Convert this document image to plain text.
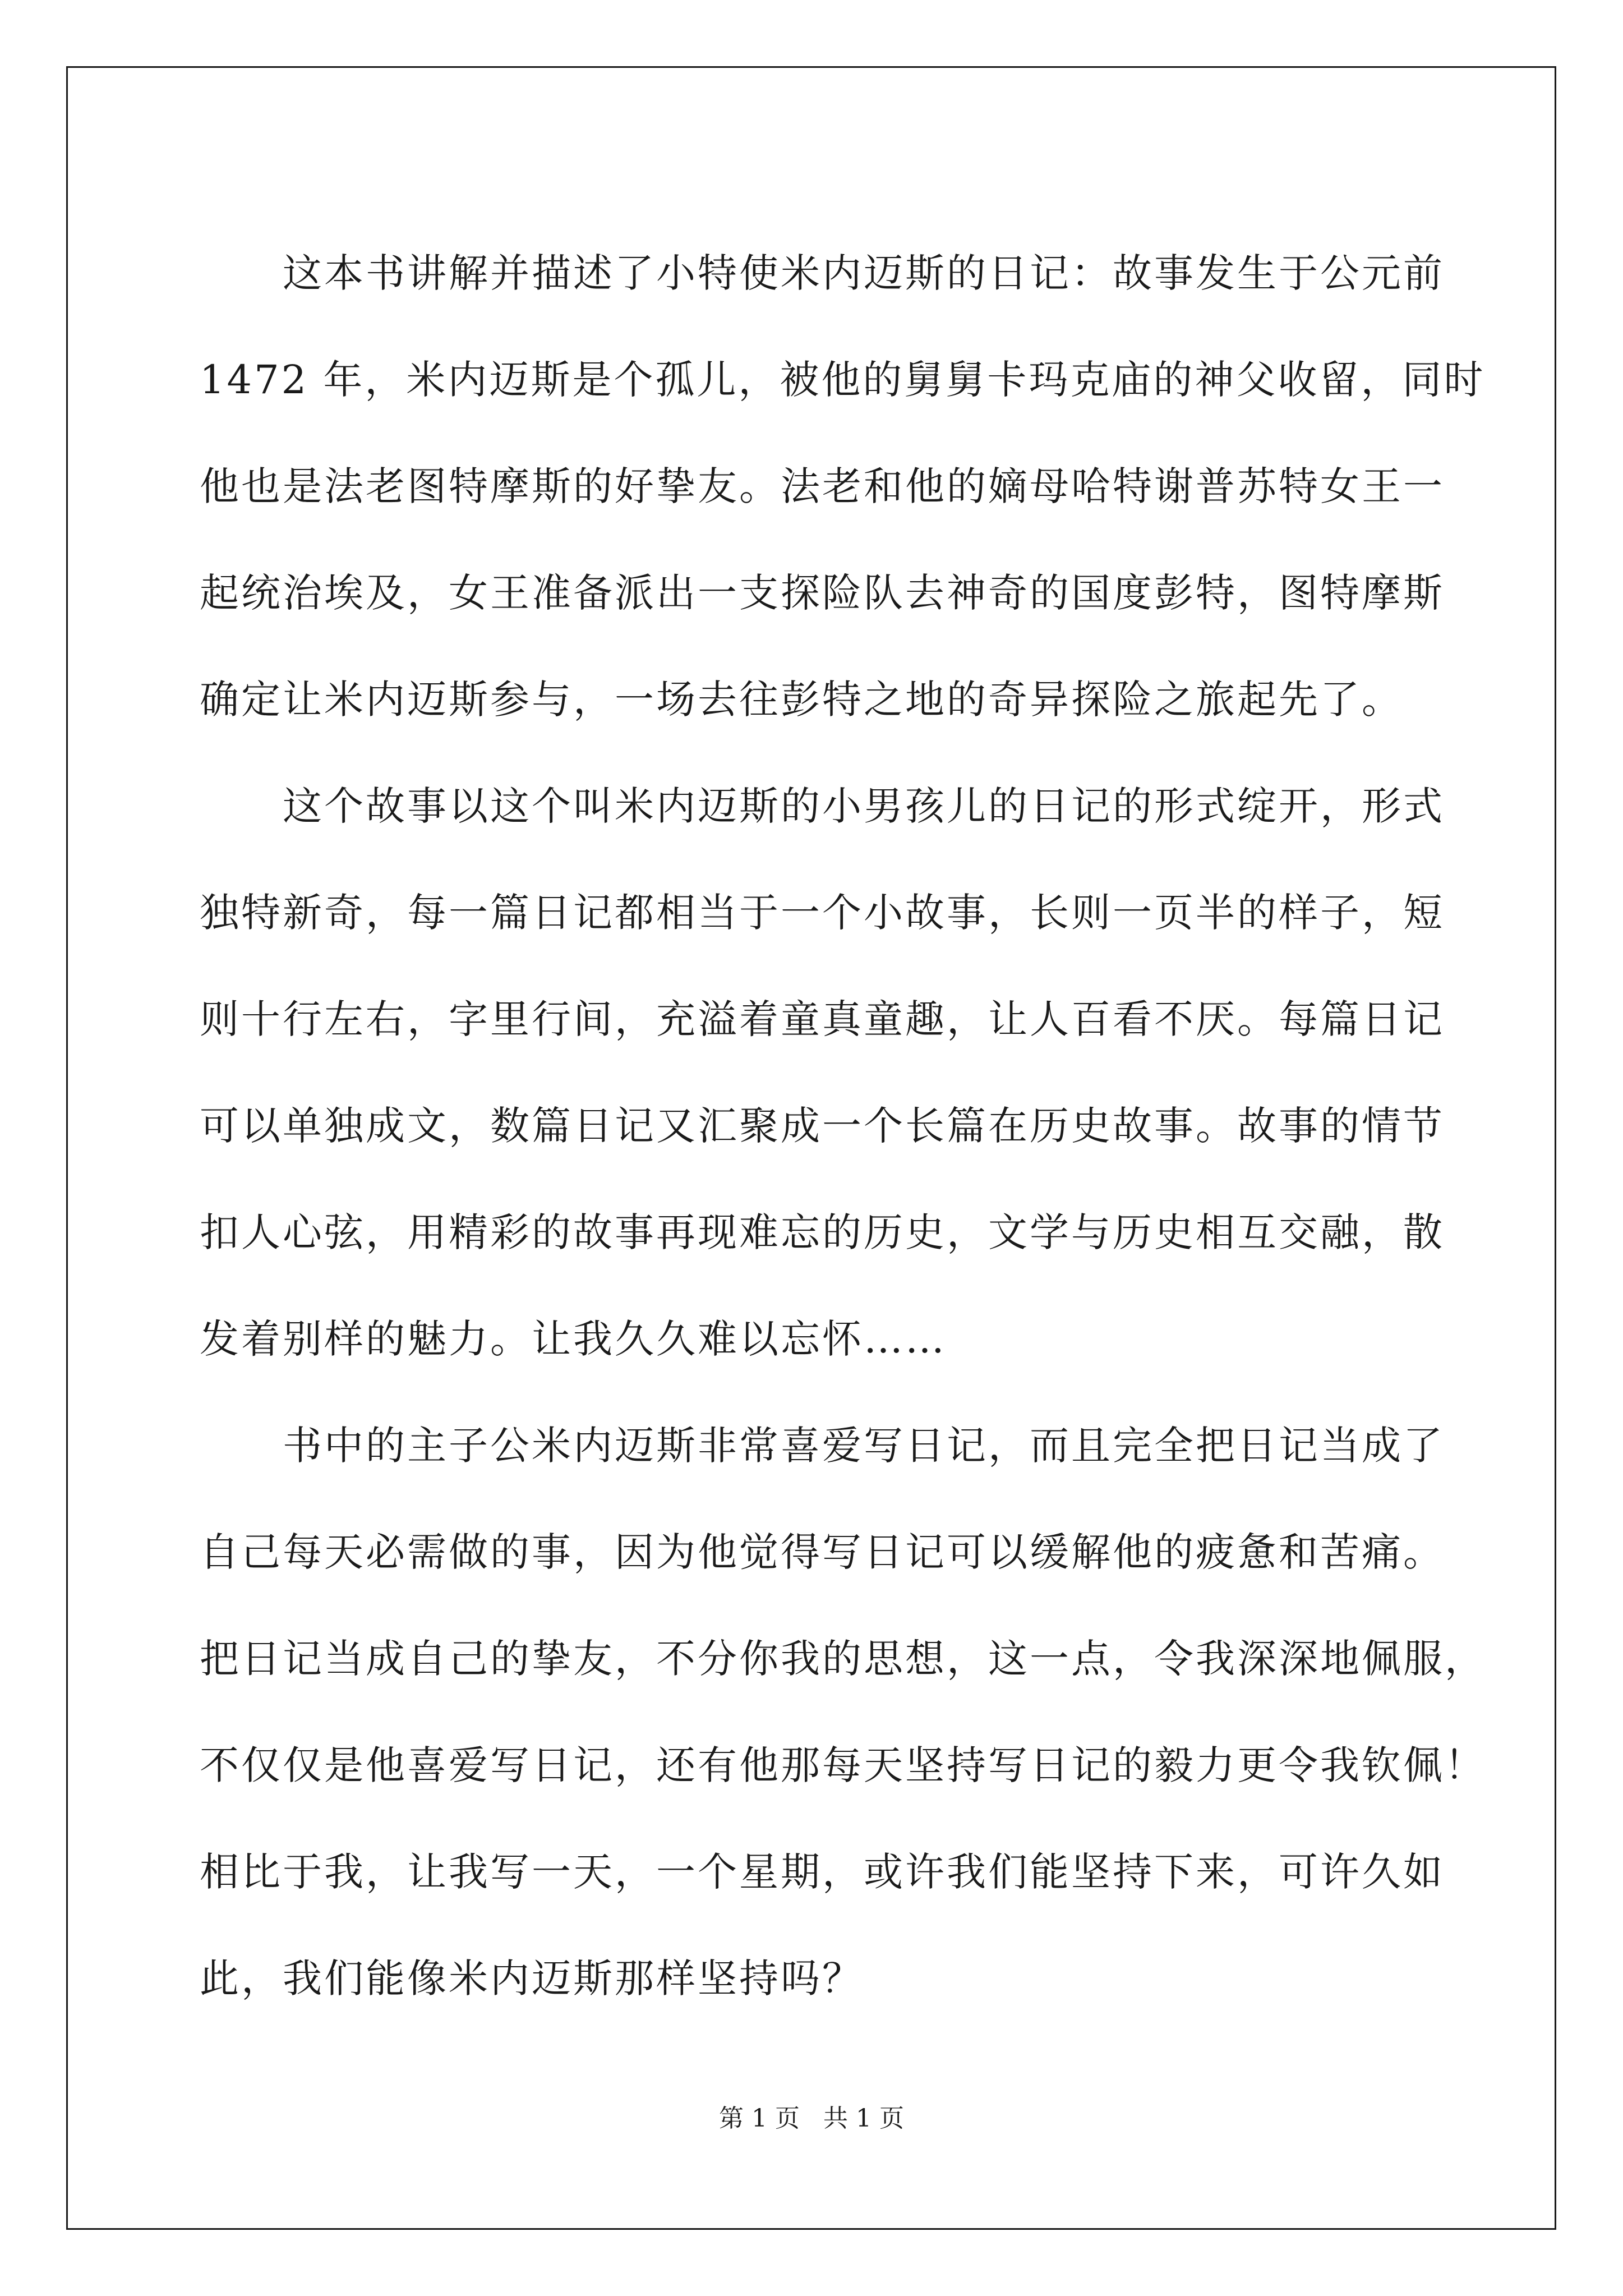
这本书讲解并描述了小特使米内迈斯的日记：故事发生于公元前
1472 年，米内迈斯是个孤儿，被他的舅舅卡玛克庙的神父收留，同时
他也是法老图特摩斯的好挚友。法老和他的嫡母哈特谢普苏特女王一
起统治埃及，女王准备派出一支探险队去神奇的国度彭特，图特摩斯
确定让米内迈斯参与，一场去往彭特之地的奇异探险之旅起先了。
这个故事以这个叫米内迈斯的小男孩儿的日记的形式绽开，形式
独特新奇，每一篇日记都相当于一个小故事，长则一页半的样子，短
则十行左右，字里行间，充溢着童真童趣，让人百看不厌。每篇日记
可以单独成文，数篇日记又汇聚成一个长篇在历史故事。故事的情节
扣人心弦，用精彩的故事再现难忘的历史，文学与历史相互交融，散
发着别样的魅力。让我久久难以忘怀……
书中的主子公米内迈斯非常喜爱写日记，而且完全把日记当成了
自己每天必需做的事，因为他觉得写日记可以缓解他的疲惫和苦痛。
把日记当成自己的挚友，不分你我的思想，这一点，令我深深地佩服，
不仅仅是他喜爱写日记，还有他那每天坚持写日记的毅力更令我钦佩！
相比于我，让我写一天，一个星期，或许我们能坚持下来，可许久如
此，我们能像米内迈斯那样坚持吗？
第 1 页   共 1 页
